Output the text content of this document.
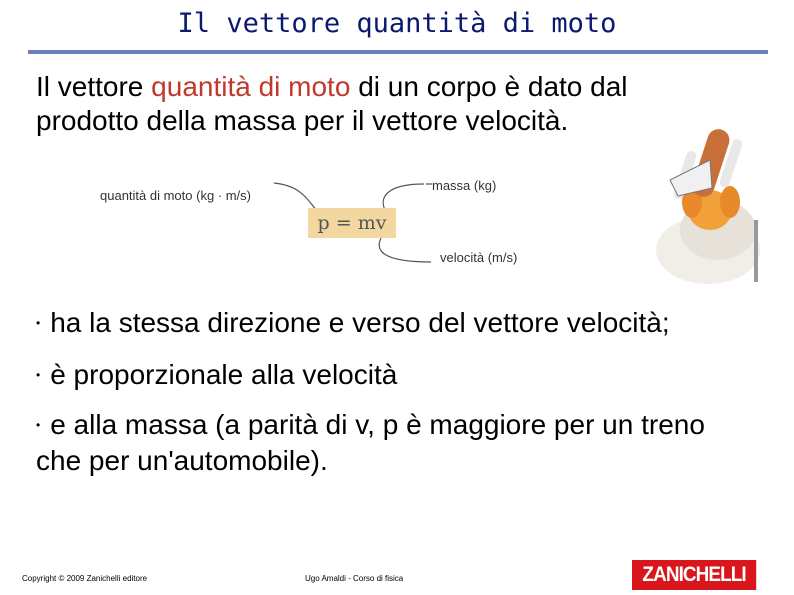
Il vettore quantità di moto
Il vettore quantità di moto di un corpo è dato dal prodotto della massa per il vettore velocità.
quantità di moto (kg · m/s)
massa (kg)
velocità (m/s)
p = mv
• ha la stessa direzione e verso del vettore velocità;
• è proporzionale alla velocità
• e alla massa (a parità di v, p è maggiore per un treno che per un'automobile).
Copyright © 2009 Zanichelli editore	Ugo Amaldi - Corso di fisica	ZANICHELLI
